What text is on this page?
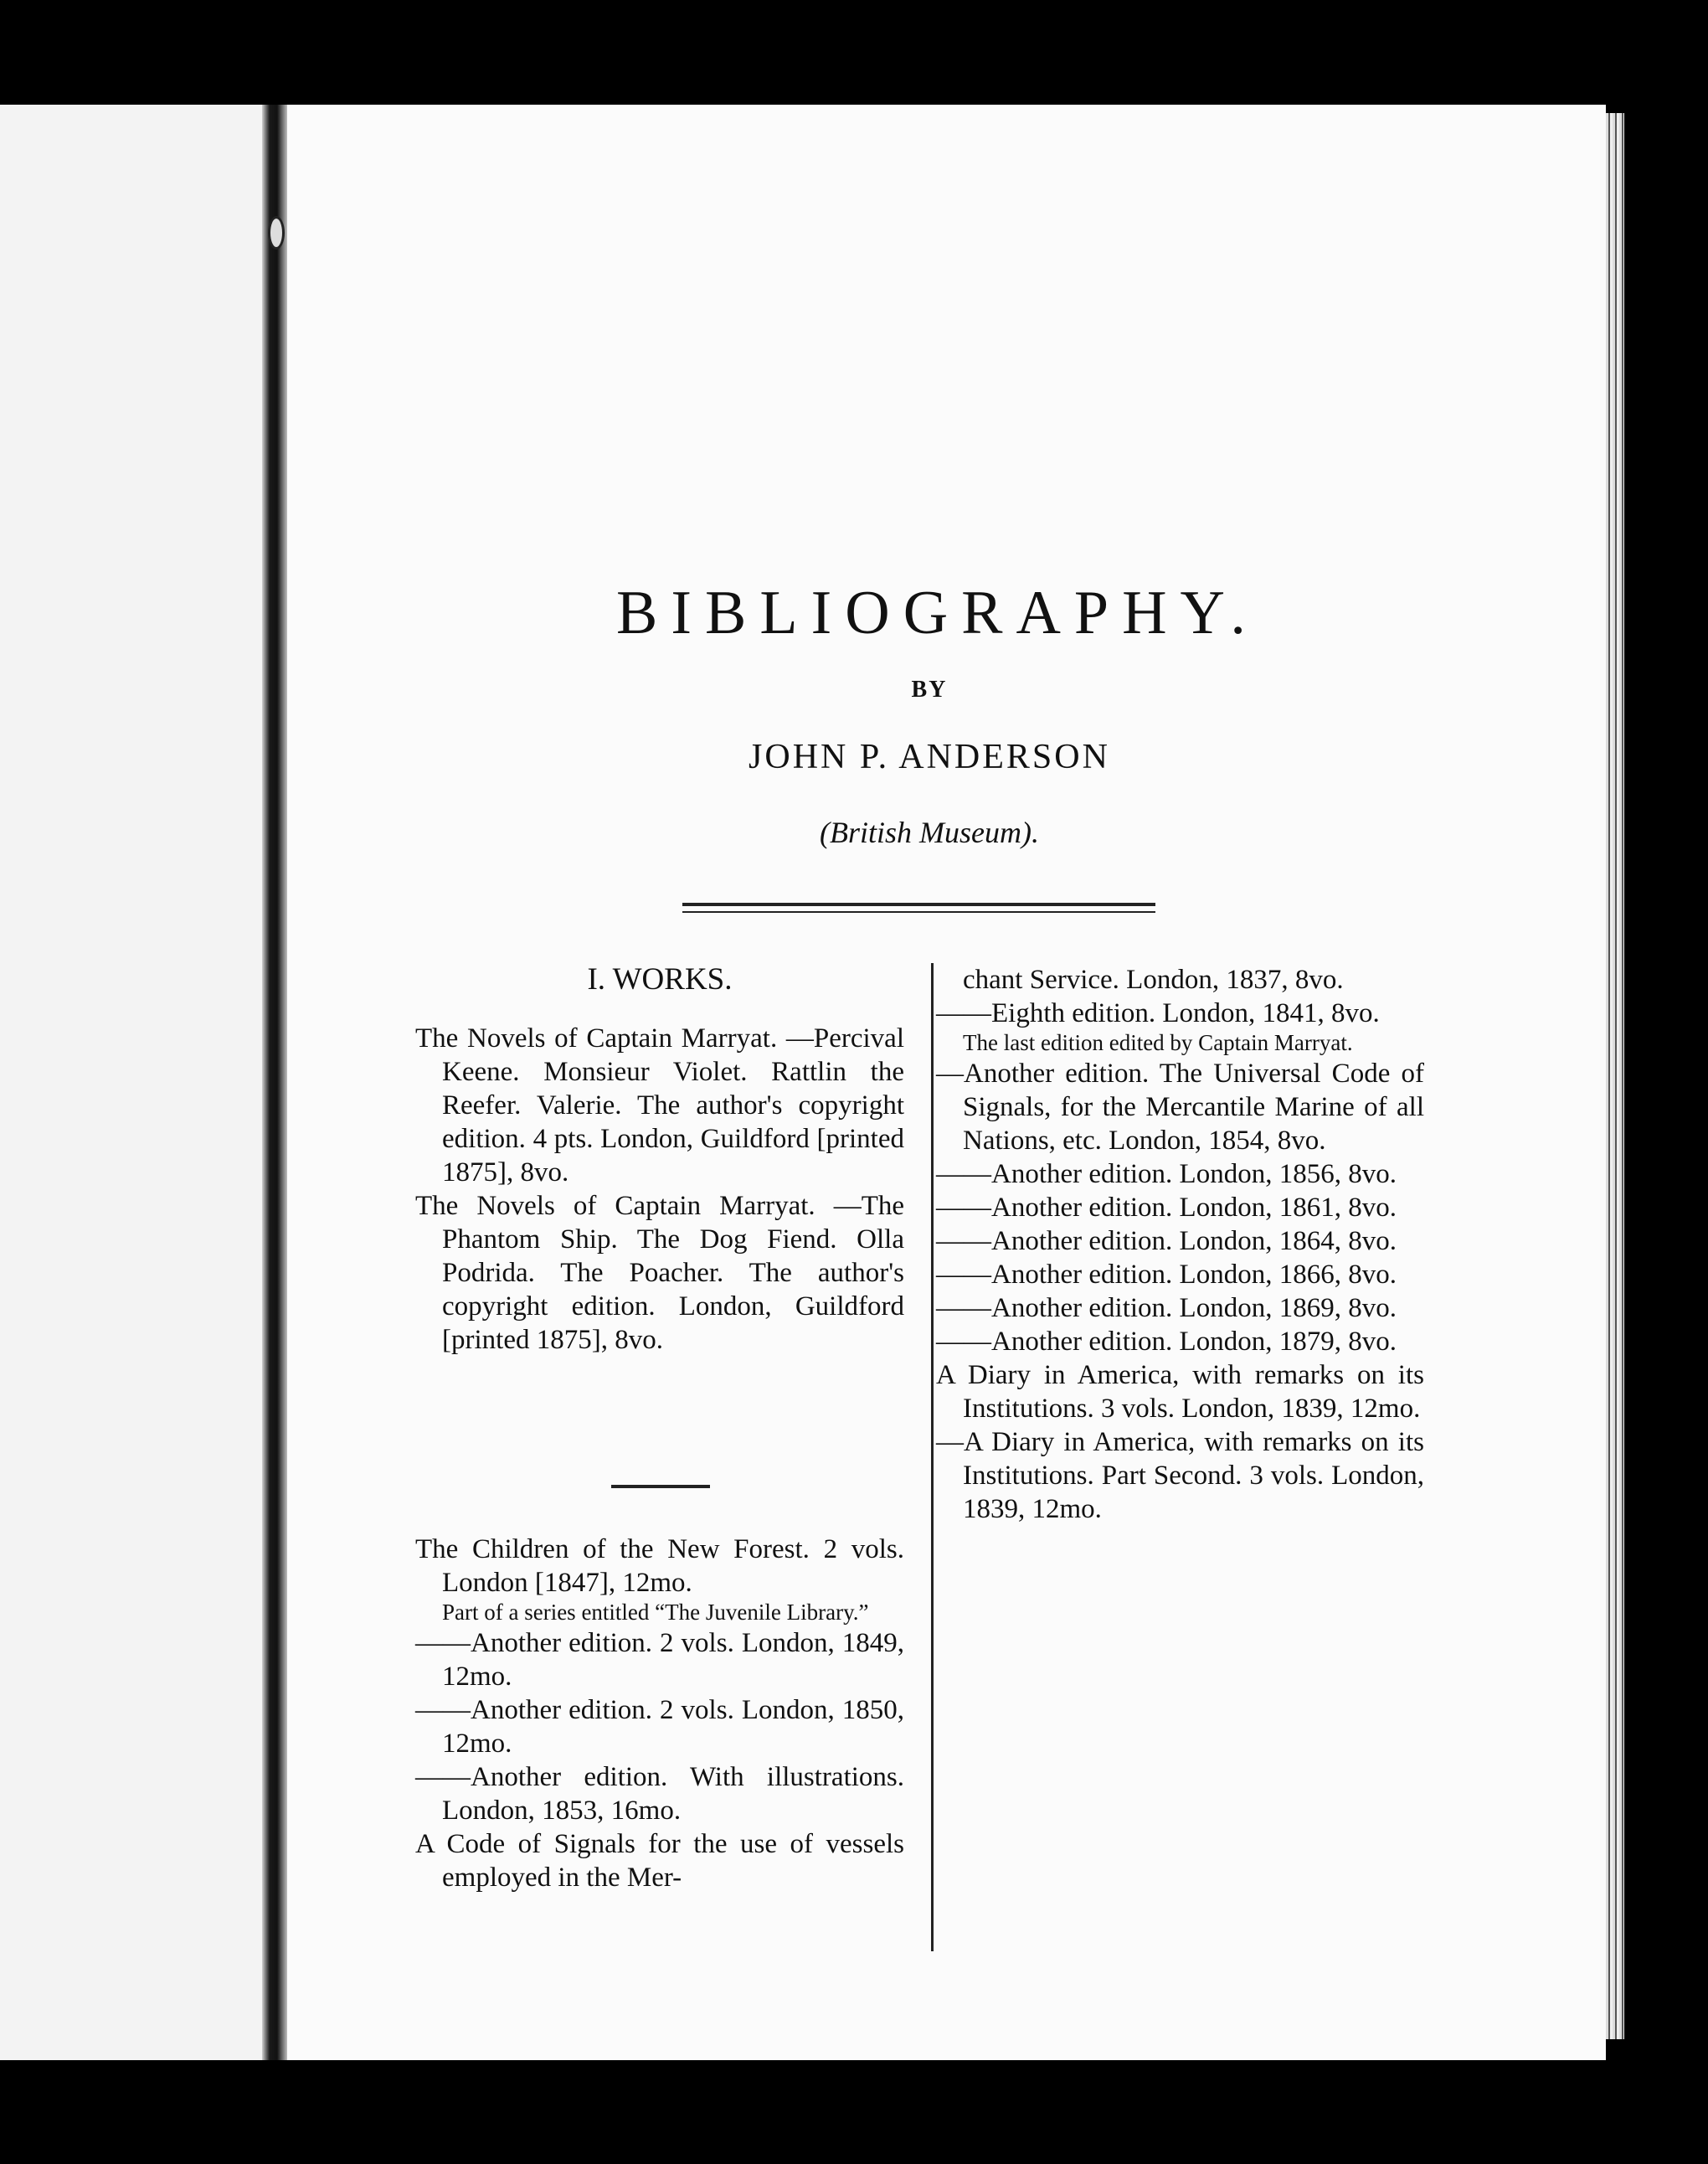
BIBLIOGRAPHY.
BY
JOHN P. ANDERSON
(British Museum).
I. WORKS.

The Novels of Captain Marryat. —Percival Keene. Monsieur Violet. Rattlin the Reefer. Valerie. The author's copyright edition. 4 pts. London, Guildford [printed 1875], 8vo.

The Novels of Captain Marryat. —The Phantom Ship. The Dog Fiend. Olla Podrida. The Poacher. The author's copyright edition. London, Guildford [printed 1875], 8vo.

The Children of the New Forest. 2 vols. London [1847], 12mo.

Part of a series entitled “The Juvenile Library.”

——Another edition. 2 vols. London, 1849, 12mo.

——Another edition. 2 vols. London, 1850, 12mo.

——Another edition. With illustrations. London, 1853, 16mo.

A Code of Signals for the use of vessels employed in the Mer-

chant Service. London, 1837, 8vo.

——Eighth edition. London, 1841, 8vo.

The last edition edited by Captain Marryat.

—Another edition. The Universal Code of Signals, for the Mercantile Marine of all Nations, etc. London, 1854, 8vo.

——Another edition. London, 1856, 8vo.

——Another edition. London, 1861, 8vo.

——Another edition. London, 1864, 8vo.

——Another edition. London, 1866, 8vo.

——Another edition. London, 1869, 8vo.

——Another edition. London, 1879, 8vo.

A Diary in America, with remarks on its Institutions. 3 vols. London, 1839, 12mo.

—A Diary in America, with remarks on its Institutions. Part Second. 3 vols. London, 1839, 12mo.
